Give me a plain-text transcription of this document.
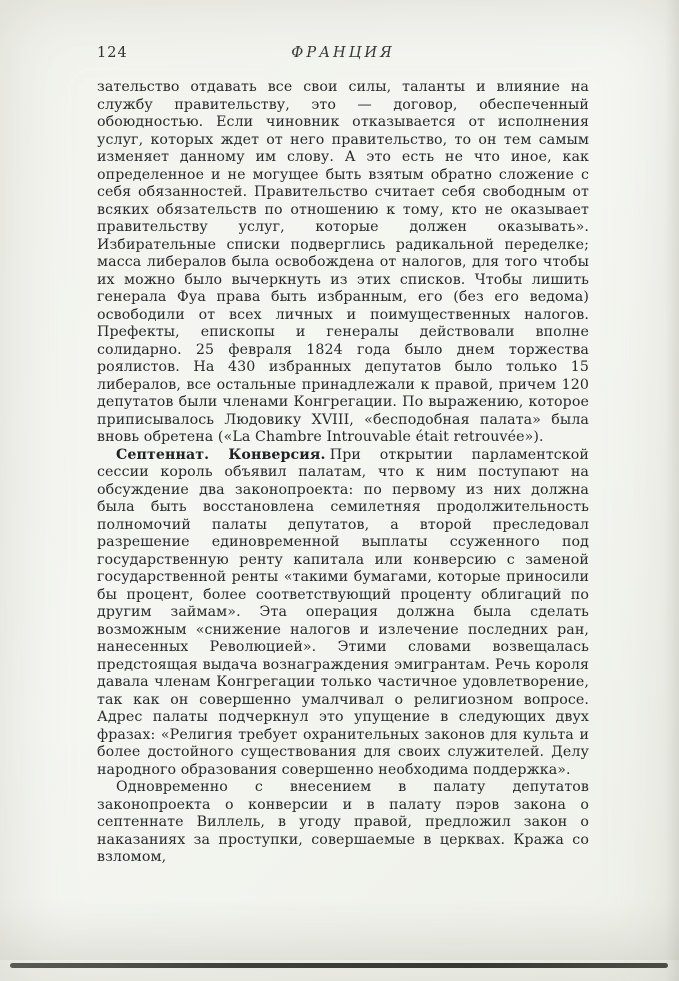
124	ФРАНЦИЯ

зательство отдавать все свои силы, таланты и влияние на службу правительству, это — договор, обеспеченный обоюдностью. Если чиновник отказывается от исполнения услуг, которых ждет от него правительство, то он тем самым изменяет данному им слову. А это есть не что иное, как определенное и не могущее быть взятым обратно сложение с себя обязанностей. Правительство считает себя свободным от всяких обязательств по отношению к тому, кто не оказывает правительству услуг, которые должен оказывать». Избирательные списки подверглись радикальной переделке; масса либералов была освобождена от налогов, для того чтобы их можно было вычеркнуть из этих списков. Чтобы лишить генерала Фуа права быть избранным, его (без его ведома) освободили от всех личных и поимущественных налогов. Префекты, епископы и генералы действовали вполне солидарно. 25 февраля 1824 года было днем торжества роялистов. На 430 избранных депутатов было только 15 либералов, все остальные принадлежали к правой, причем 120 депутатов были членами Конгрегации. По выражению, которое приписывалось Людовику XVIII, «бесподобная палата» была вновь обретена («La Chambre Introuvable était retrouvée»).

Септеннат. Конверсия. При открытии парламентской сессии король объявил палатам, что к ним поступают на обсуждение два законопроекта: по первому из них должна была быть восстановлена семилетняя продолжительность полномочий палаты депутатов, а второй преследовал разрешение единовременной выплаты ссуженного под государственную ренту капитала или конверсию с заменой государственной ренты «такими бумагами, которые приносили бы процент, более соответствующий проценту облигаций по другим займам». Эта операция должна была сделать возможным «снижение налогов и излечение последних ран, нанесенных Революцией». Этими словами возвещалась предстоящая выдача вознаграждения эмигрантам. Речь короля давала членам Конгрегации только частичное удовлетворение, так как он совершенно умалчивал о религиозном вопросе. Адрес палаты подчеркнул это упущение в следующих двух фразах: «Религия требует охранительных законов для культа и более достойного существования для своих служителей. Делу народного образования совершенно необходима поддержка».

Одновременно с внесением в палату депутатов законопроекта о конверсии и в палату пэров закона о септеннате Виллель, в угоду правой, предложил закон о наказаниях за проступки, совершаемые в церквах. Кража со взломом,
